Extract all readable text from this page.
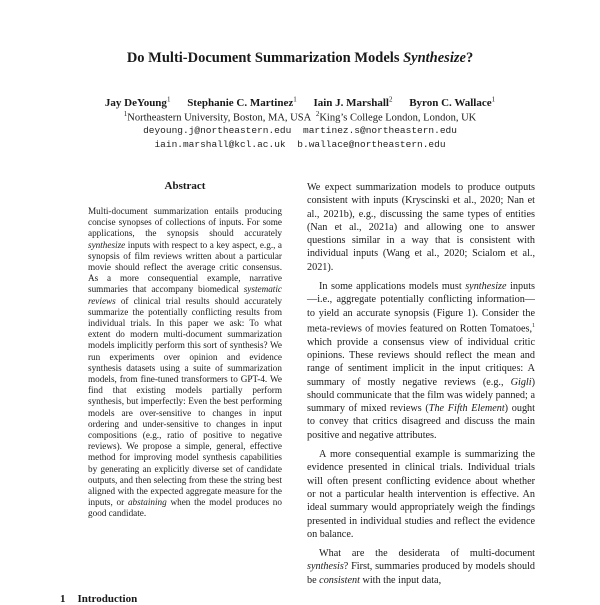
Do Multi-Document Summarization Models Synthesize?
Jay DeYoung$^1$ Stephanie C. Martinez$^1$ Iain J. Marshall$^2$ Byron C. Wallace$^1$
$^1$Northeastern University, Boston, MA, USA $^2$King’s College London, London, UK
deyoung.j@northeastern.edu martinez.s@northeastern.edu
iain.marshall@kcl.ac.uk b.wallace@northeastern.edu
Abstract
Multi-document summarization entails producing concise synopses of collections of inputs. For some applications, the synopsis should accurately synthesize inputs with respect to a key aspect, e.g., a synopsis of film reviews written about a particular movie should reflect the average critic consensus. As a more consequential example, narrative summaries that accompany biomedical systematic reviews of clinical trial results should accurately summarize the potentially conflicting results from individual trials. In this paper we ask: To what extent do modern multi-document summarization models implicitly perform this sort of synthesis? We run experiments over opinion and evidence synthesis datasets using a suite of summarization models, from fine-tuned transformers to GPT-4. We find that existing models partially perform synthesis, but imperfectly: Even the best performing models are over-sensitive to changes in input ordering and under-sensitive to changes in input compositions (e.g., ratio of positive to negative reviews). We propose a simple, general, effective method for improving model synthesis capabilities by generating an explicitly diverse set of candidate outputs, and then selecting from these the string best aligned with the expected aggregate measure for the inputs, or abstaining when the model produces no good candidate.

We expect summarization models to produce outputs consistent with inputs (Kryscinski et al., 2020; Nan et al., 2021b), e.g., discussing the same types of entities (Nan et al., 2021a) and allowing one to answer questions similar in a way that is consistent with individual inputs (Wang et al., 2020; Scialom et al., 2021).

In some applications models must synthesize inputs—i.e., aggregate potentially conflicting information—to yield an accurate synopsis (Figure 1). Consider the meta-reviews of movies featured on Rotten Tomatoes,$^1$ which provide a consensus view of individual critic opinions. These reviews should reflect the mean and range of sentiment implicit in the input critiques: A summary of mostly negative reviews (e.g., Gigli) should communicate that the film was widely panned; a summary of mixed reviews (The Fifth Element) ought to convey that critics disagreed and discuss the main positive and negative attributes.

A more consequential example is summarizing the evidence presented in clinical trials. Individual trials will often present conflicting evidence about whether or not a particular health intervention is effective. An ideal summary would appropriately weigh the findings presented in individual studies and reflect the evidence on balance.

What are the desiderata of multi-document synthesis? First, summaries produced by models should be consistent with the input data,

1 Introduction
